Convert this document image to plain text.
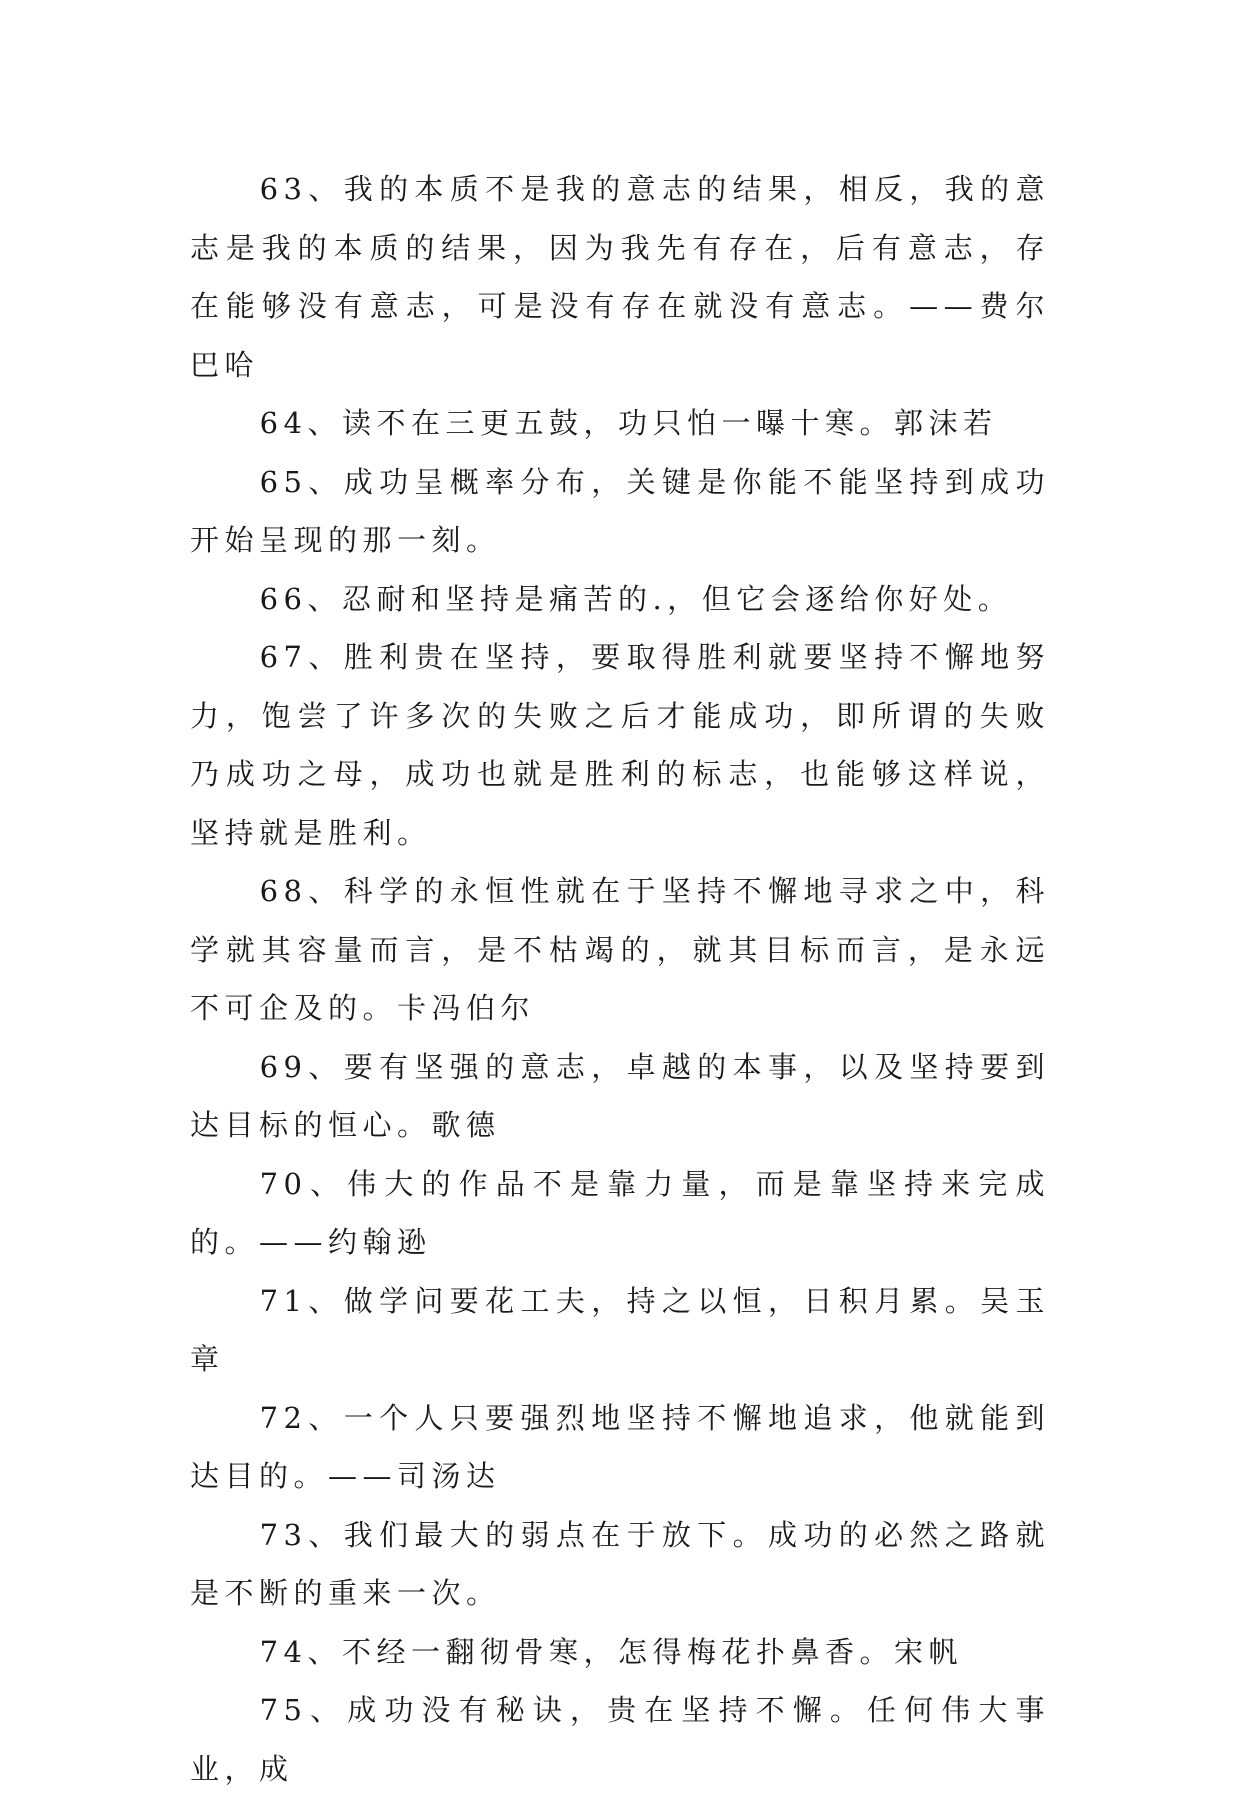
63、我的本质不是我的意志的结果，相反，我的意志是我的本质的结果，因为我先有存在，后有意志，存在能够没有意志，可是没有存在就没有意志。——费尔巴哈

64、读不在三更五鼓，功只怕一曝十寒。郭沫若

65、成功呈概率分布，关键是你能不能坚持到成功开始呈现的那一刻。

66、忍耐和坚持是痛苦的.，但它会逐给你好处。

67、胜利贵在坚持，要取得胜利就要坚持不懈地努力，饱尝了许多次的失败之后才能成功，即所谓的失败乃成功之母，成功也就是胜利的标志，也能够这样说，坚持就是胜利。

68、科学的永恒性就在于坚持不懈地寻求之中，科学就其容量而言，是不枯竭的，就其目标而言，是永远不可企及的。卡冯伯尔

69、要有坚强的意志，卓越的本事，以及坚持要到达目标的恒心。歌德

70、伟大的作品不是靠力量，而是靠坚持来完成的。——约翰逊

71、做学问要花工夫，持之以恒，日积月累。吴玉章

72、一个人只要强烈地坚持不懈地追求，他就能到达目的。——司汤达

73、我们最大的弱点在于放下。成功的必然之路就是不断的重来一次。

74、不经一翻彻骨寒，怎得梅花扑鼻香。宋帆

75、成功没有秘诀，贵在坚持不懈。任何伟大事业，成
